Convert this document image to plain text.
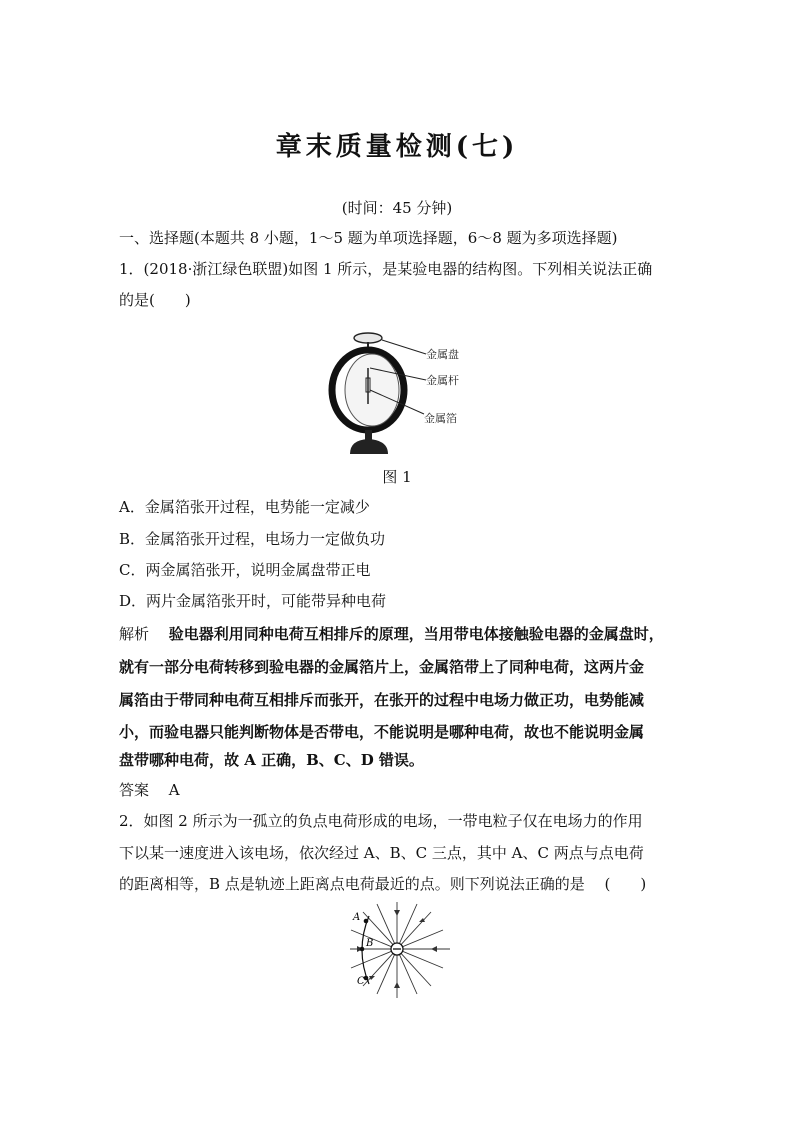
章末质量检测(七)
(时间：45 分钟)
一、选择题(本题共 8 小题，1～5 题为单项选择题，6～8 题为多项选择题)
1．(2018·浙江绿色联盟)如图 1 所示，是某验电器的结构图。下列相关说法正确
的是(　　)
金属盘
金属杆
金属箔
图 1
A．金属箔张开过程，电势能一定减少
B．金属箔张开过程，电场力一定做负功
C．两金属箔张开，说明金属盘带正电
D．两片金属箔张开时，可能带异种电荷
解析　 验电器利用同种电荷互相排斥的原理，当用带电体接触验电器的金属盘时，
就有一部分电荷转移到验电器的金属箔片上，金属箔带上了同种电荷，这两片金
属箔由于带同种电荷互相排斥而张开，在张开的过程中电场力做正功，电势能减
小，而验电器只能判断物体是否带电，不能说明是哪种电荷，故也不能说明金属
盘带哪种电荷，故 A 正确，B、C、D 错误。
答案　 A
2．如图 2 所示为一孤立的负点电荷形成的电场，一带电粒子仅在电场力的作用
下以某一速度进入该电场，依次经过 A、B、C 三点，其中 A、C 两点与点电荷
的距离相等，B 点是轨迹上距离点电荷最近的点。则下列说法正确的是　 (　　)
A
B
C
